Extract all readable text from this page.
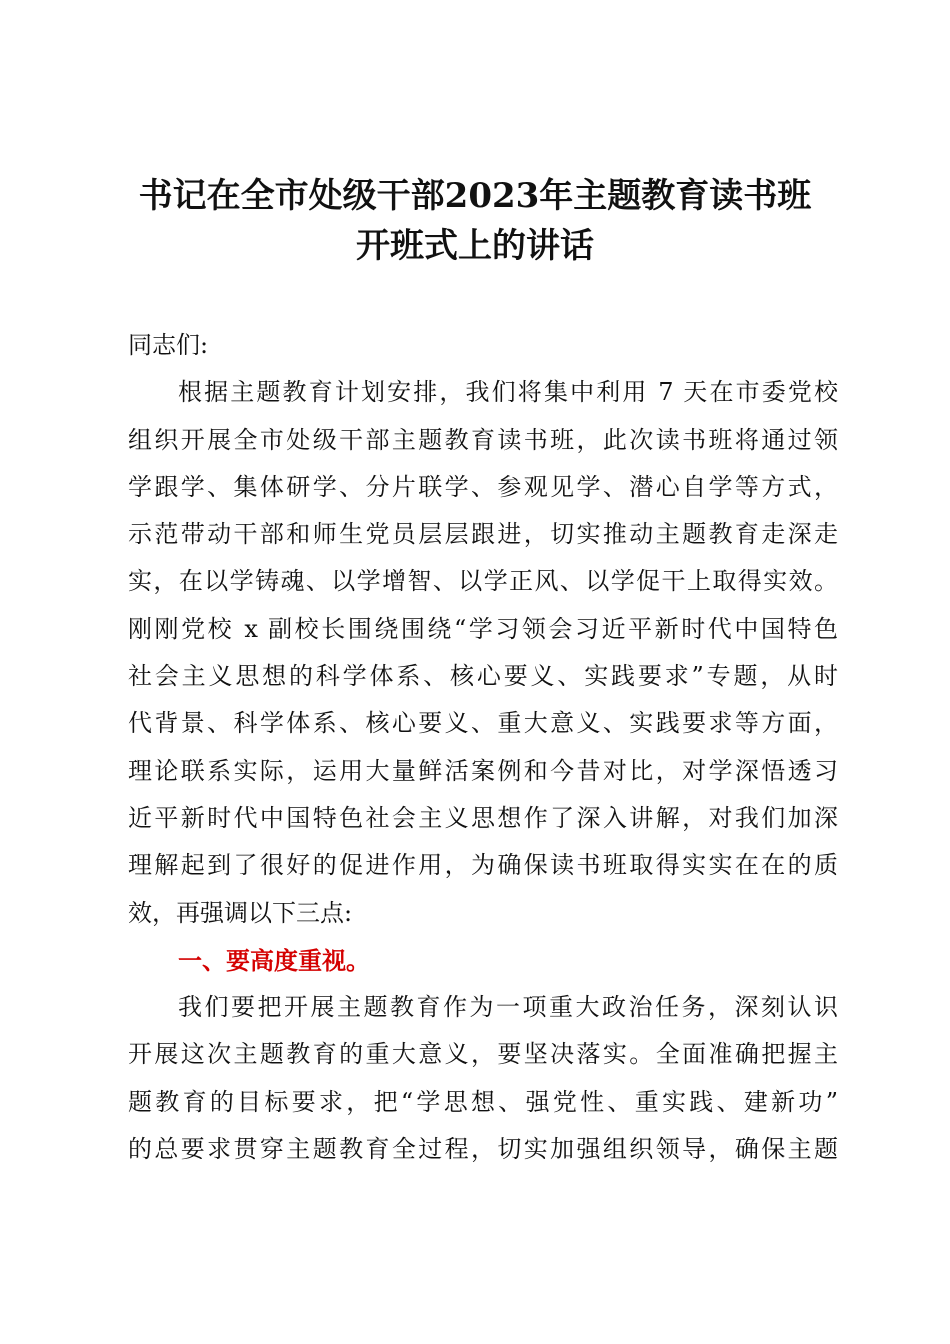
书记在全市处级干部2023年主题教育读书班
开班式上的讲话
同志们:
根据主题教育计划安排，我们将集中利用 7 天在市委党校
组织开展全市处级干部主题教育读书班，此次读书班将通过领
学跟学、集体研学、分片联学、参观见学、潜心自学等方式，
示范带动干部和师生党员层层跟进，切实推动主题教育走深走
实，在以学铸魂、以学增智、以学正风、以学促干上取得实效。
刚刚党校 x 副校长围绕围绕“学习领会习近平新时代中国特色
社会主义思想的科学体系、核心要义、实践要求”专题，从时
代背景、科学体系、核心要义、重大意义、实践要求等方面，
理论联系实际，运用大量鲜活案例和今昔对比，对学深悟透习
近平新时代中国特色社会主义思想作了深入讲解，对我们加深
理解起到了很好的促进作用，为确保读书班取得实实在在的质
效，再强调以下三点:
一、要高度重视。
我们要把开展主题教育作为一项重大政治任务，深刻认识
开展这次主题教育的重大意义，要坚决落实。全面准确把握主
题教育的目标要求，把“学思想、强党性、重实践、建新功”
的总要求贯穿主题教育全过程，切实加强组织领导，确保主题
